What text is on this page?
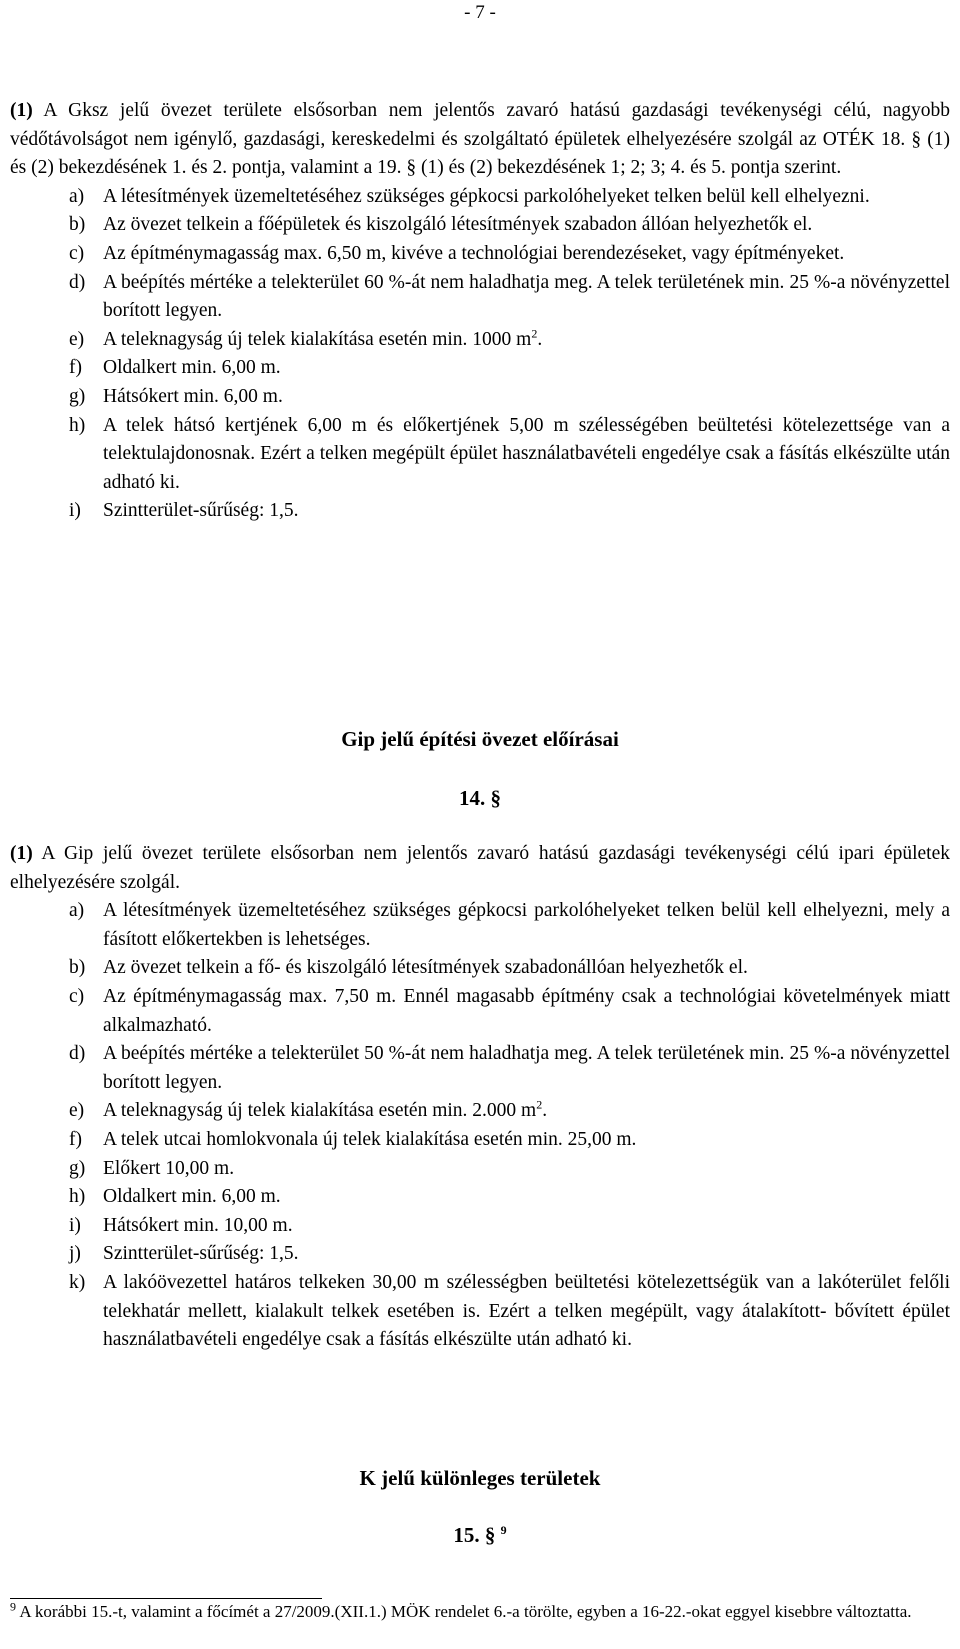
- 7 -
(1) A Gksz jelű övezet területe elsősorban nem jelentős zavaró hatású gazdasági tevékenységi célú, nagyobb védőtávolságot nem igénylő, gazdasági, kereskedelmi és szolgáltató épületek elhelyezésére szolgál az OTÉK 18. § (1) és (2) bekezdésének 1. és 2. pontja, valamint a 19. § (1) és (2) bekezdésének 1; 2; 3; 4. és 5. pontja szerint.
a) A létesítmények üzemeltetéséhez szükséges gépkocsi parkolóhelyeket telken belül kell elhelyezni.
b) Az övezet telkein a főépületek és kiszolgáló létesítmények szabadon állóan helyezhetők el.
c) Az építménymagasság max. 6,50 m, kivéve a technológiai berendezéseket, vagy építményeket.
d) A beépítés mértéke a telekterület 60 %-át nem haladhatja meg. A telek területének min. 25 %-a növényzettel borított legyen.
e) A teleknagyság új telek kialakítása esetén min. 1000 $m^2$.
f)	Oldalkert min. 6,00 m.
g) Hátsókert min. 6,00 m.
h) A telek hátsó kertjének 6,00 m és előkertjének 5,00 m szélességében beültetési kötelezettsége van a telektulajdonosnak. Ezért a telken megépült épület használatbavételi engedélye csak a fásítás elkészülte után adható ki.
i)	Szintterület-sűrűség: 1,5.
Gip jelű építési övezet előírásai
14. §
(1) A Gip jelű övezet területe elsősorban nem jelentős zavaró hatású gazdasági tevékenységi célú ipari épületek elhelyezésére szolgál.
a) A létesítmények üzemeltetéséhez szükséges gépkocsi parkolóhelyeket telken belül kell elhelyezni, mely a fásított előkertekben is lehetséges.
b) Az övezet telkein a fő- és kiszolgáló létesítmények szabadonállóan helyezhetők el.
c) Az építménymagasság max. 7,50 m. Ennél magasabb építmény csak a technológiai követelmények miatt alkalmazható.
d) A beépítés mértéke a telekterület 50 %-át nem haladhatja meg. A telek területének min. 25 %-a növényzettel borított legyen.
e) A teleknagyság új telek kialakítása esetén min. 2.000 $m^2$.
f)	A telek utcai homlokvonala új telek kialakítása esetén min. 25,00 m.
g) Előkert 10,00 m.
h) Oldalkert min. 6,00 m.
i)	Hátsókert min. 10,00 m.
j)	Szintterület-sűrűség: 1,5.
k) A lakóövezettel határos telkeken 30,00 m szélességben beültetési kötelezettségük van a lakóterület felőli telekhatár mellett, kialakult telkek esetében is. Ezért a telken megépült, vagy átalakított- bővített épület használatbavételi engedélye csak a fásítás elkészülte után adható ki.
K jelű különleges területek
15. § $^9$
$^9$ A korábbi 15.-t, valamint a főcímét a 27/2009.(XII.1.) MÖK rendelet 6.-a törölte, egyben a 16-22.-okat eggyel kisebbre változtatta.
